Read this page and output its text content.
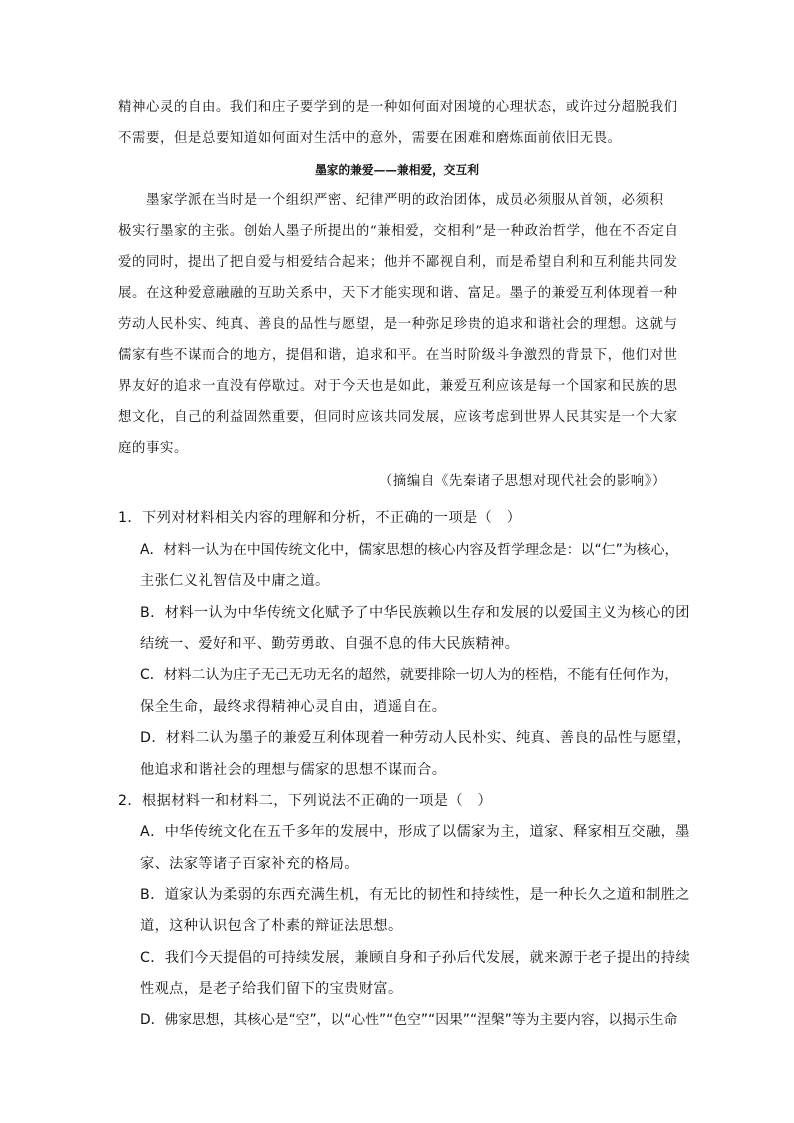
精神心灵的自由。我们和庄子要学到的是一种如何面对困境的心理状态，或许过分超脱我们
不需要，但是总要知道如何面对生活中的意外，需要在困难和磨炼面前依旧无畏。
墨家的兼爱——兼相爱，交互利
墨家学派在当时是一个组织严密、纪律严明的政治团体，成员必须服从首领，必须积
极实行墨家的主张。创始人墨子所提出的“兼相爱，交相利”是一种政治哲学，他在不否定自
爱的同时，提出了把自爱与相爱结合起来；他并不鄙视自利，而是希望自利和互利能共同发
展。在这种爱意融融的互助关系中，天下才能实现和谐、富足。墨子的兼爱互利体现着一种
劳动人民朴实、纯真、善良的品性与愿望，是一种弥足珍贵的追求和谐社会的理想。这就与
儒家有些不谋而合的地方，提倡和谐，追求和平。在当时阶级斗争激烈的背景下，他们对世
界友好的追求一直没有停歇过。对于今天也是如此，兼爱互利应该是每一个国家和民族的思
想文化，自己的利益固然重要，但同时应该共同发展，应该考虑到世界人民其实是一个大家
庭的事实。
（摘编自《先秦诸子思想对现代社会的影响》）
1．下列对材料相关内容的理解和分析，不正确的一项是（　）
A．材料一认为在中国传统文化中，儒家思想的核心内容及哲学理念是：以“仁”为核心，
主张仁义礼智信及中庸之道。
B．材料一认为中华传统文化赋予了中华民族赖以生存和发展的以爱国主义为核心的团
结统一、爱好和平、勤劳勇敢、自强不息的伟大民族精神。
C．材料二认为庄子无己无功无名的超然，就要排除一切人为的桎梏，不能有任何作为，
保全生命，最终求得精神心灵自由，逍遥自在。
D．材料二认为墨子的兼爱互利体现着一种劳动人民朴实、纯真、善良的品性与愿望，
他追求和谐社会的理想与儒家的思想不谋而合。
2．根据材料一和材料二，下列说法不正确的一项是（　）
A．中华传统文化在五千多年的发展中，形成了以儒家为主，道家、释家相互交融，墨
家、法家等诸子百家补充的格局。
B．道家认为柔弱的东西充满生机，有无比的韧性和持续性，是一种长久之道和制胜之
道，这种认识包含了朴素的辩证法思想。
C．我们今天提倡的可持续发展，兼顾自身和子孙后代发展，就来源于老子提出的持续
性观点，是老子给我们留下的宝贵财富。
D．佛家思想，其核心是“空”，以“心性”“色空”“因果”“涅槃”等为主要内容，以揭示生命
